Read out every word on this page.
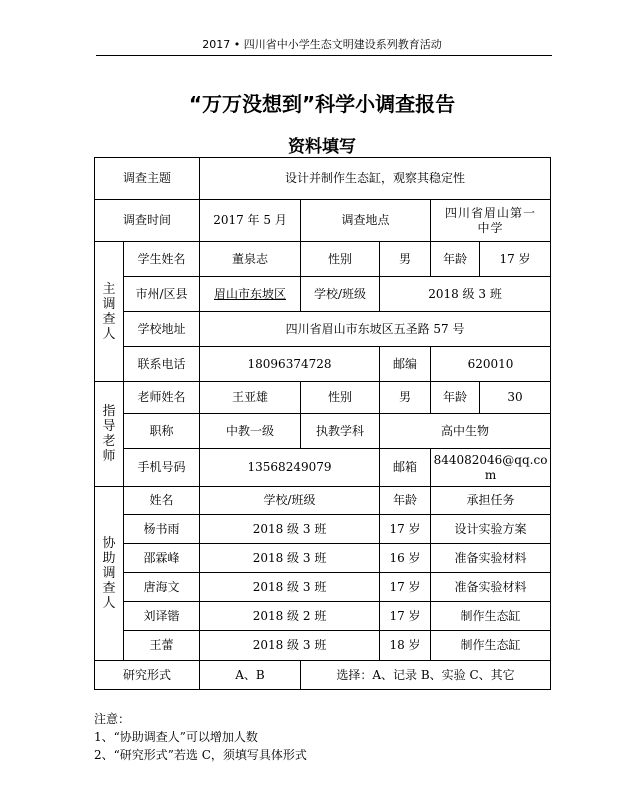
2017 • 四川省中小学生态文明建设系列教育活动
“万万没想到”科学小调查报告
资料填写
调查主题		设计并制作生态缸，观察其稳定性				
调查时间		2017 年 5 月	调查地点		四川省眉山第一
中学	
主
调
查
人	学生姓名	董泉志	性别	男	年龄	17 岁
	市州/区县	眉山市东坡区	学校/班级	2018 级 3 班		
	学校地址	四川省眉山市东坡区五圣路 57 号				
	联系电话	18096374728		邮编	620010	
指
导
老
师	老师姓名	王亚雄	性别	男	年龄	30
	职称	中教一级	执教学科	高中生物		
	手机号码	13568249079		邮箱	844082046@qq.co
m	
协
助
调
查
人	姓名	学校/班级		年龄	承担任务	
	杨书雨	2018 级 3 班		17 岁	设计实验方案	
	邵霖峰	2018 级 3 班		16 岁	准备实验材料	
	唐海文	2018 级 3 班		17 岁	准备实验材料	
	刘译锴	2018 级 2 班		17 岁	制作生态缸	
	王蕾	2018 级 3 班		18 岁	制作生态缸	
研究形式		A、B	选择：A、记录 B、实验 C、其它			
注意：
1、“协助调查人”可以增加人数
2、“研究形式”若选 C，须填写具体形式
